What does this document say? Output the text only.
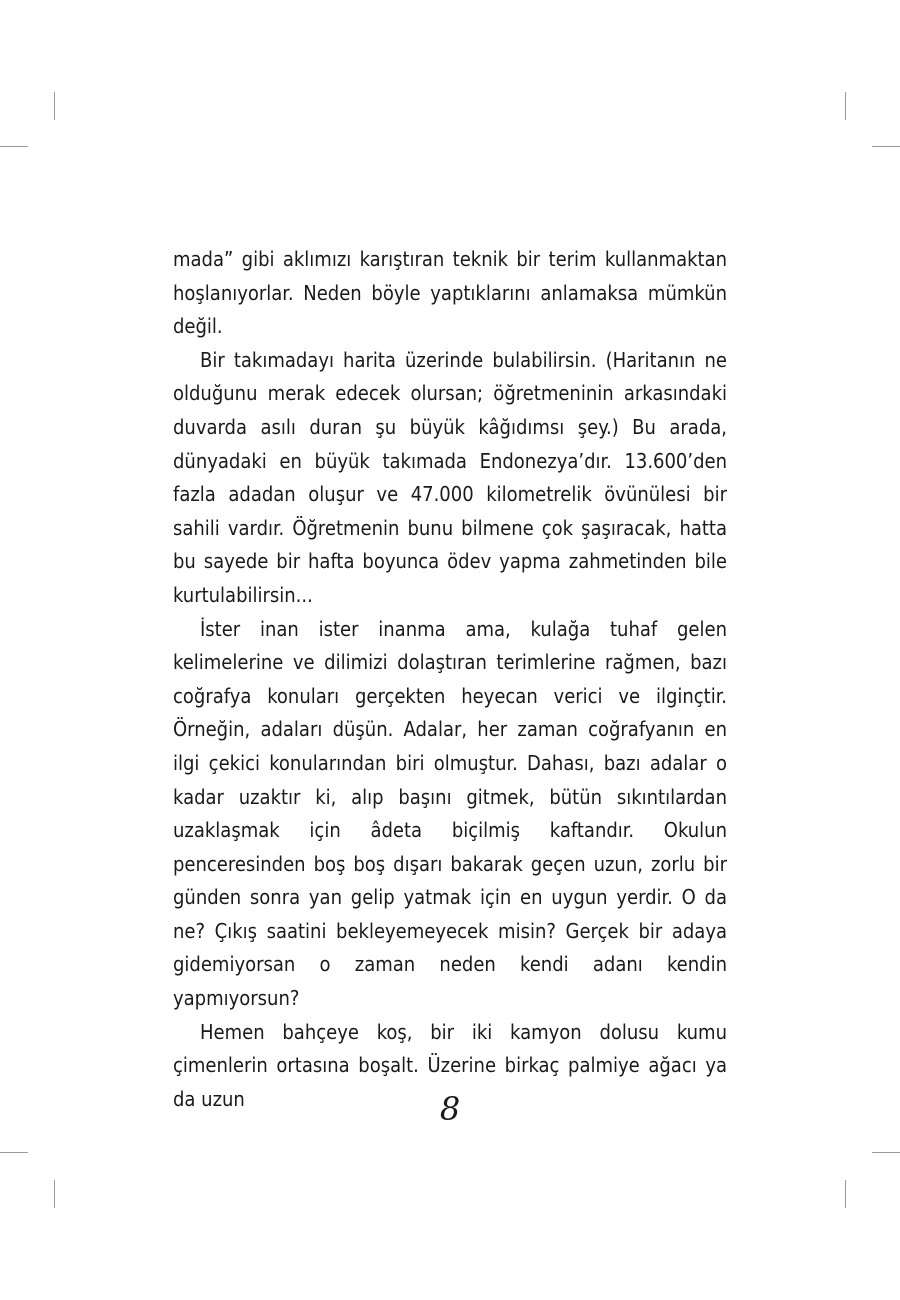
mada” gibi aklımızı karıştıran teknik bir terim kullanmaktan hoşlanıyorlar. Neden böyle yaptıklarını anlamaksa mümkün değil.

Bir takımadayı harita üzerinde bulabilirsin. (Haritanın ne olduğunu merak edecek olursan; öğretmeninin arkasındaki duvarda asılı duran şu büyük kâğıdımsı şey.) Bu arada, dünyadaki en büyük takımada Endonezya’dır. 13.600’den fazla adadan oluşur ve 47.000 kilometrelik övünülesi bir sahili vardır. Öğretmenin bunu bilmene çok şaşıracak, hatta bu sayede bir hafta boyunca ödev yapma zahmetinden bile kurtulabilirsin...

İster inan ister inanma ama, kulağa tuhaf gelen kelimelerine ve dilimizi dolaştıran terimlerine rağmen, bazı coğrafya konuları gerçekten heyecan verici ve ilginçtir. Örneğin, adaları düşün. Adalar, her zaman coğrafyanın en ilgi çekici konularından biri olmuştur. Dahası, bazı adalar o kadar uzaktır ki, alıp başını gitmek, bütün sıkıntılardan uzaklaşmak için âdeta biçilmiş kaftandır. Okulun penceresinden boş boş dışarı bakarak geçen uzun, zorlu bir günden sonra yan gelip yatmak için en uygun yerdir. O da ne? Çıkış saatini bekleyemeyecek misin? Gerçek bir adaya gidemiyorsan o zaman neden kendi adanı kendin yapmıyorsun?

Hemen bahçeye koş, bir iki kamyon dolusu kumu çimenlerin ortasına boşalt. Üzerine birkaç palmiye ağacı ya da uzun	8
